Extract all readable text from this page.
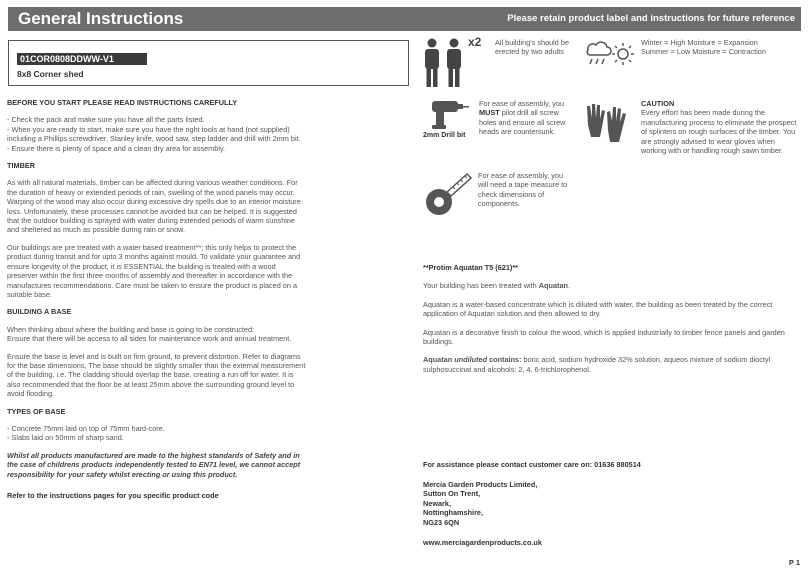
General Instructions	Please retain product label and instructions for future reference
01COR0808DDWW-V1
8x8 Corner shed

BEFORE YOU START PLEASE READ INSTRUCTIONS CAREFULLY

- Check the pack and make sure you have all the parts listed.
- When you are ready to start, make sure you have the right tools at hand (not supplied) including a Phillips screwdriver, Stanley knife, wood saw, step ladder and drill with 2mm bit.
- Ensure there is plenty of space and a clean dry area for assembly.

TIMBER

As with all natural materials, timber can be affected during various weather conditions. For the duration of heavy or extended periods of rain, swelling of the wood panels may occur. Warping of the wood may also occur during excessive dry spells due to an interior moisture loss. Unfortunately, these processes cannot be avoided but can be helped. It is suggested that the outdoor building is sprayed with water during extended periods of warm sunshine and sheltered as much as possible during rain or snow.

Our buildings are pre treated with a water based treatment**; this only helps to protect the product during transit and for upto 3 months against mould. To validate your guarantee and ensure longevity of the product, it is ESSENTIAL the building is treated with a wood preserver within the first three months of assembly and thereafter in accordance with the manufactures recommendations. Care must be taken to ensure the product is placed on a suitable base.

BUILDING A BASE

When thinking about where the building and base is going to be constructed:
Ensure that there will be access to all sides for maintenance work and annual treatment.

Ensure the base is level and is built on firm ground, to prevent distortion. Refer to diagrams for the base dimensions, The base should be slightly smaller than the external measurement of the building, i.e. The cladding should overlap the base, creating a run off for water. It is also recommended that the floor be at least 25mm above the surrounding ground level to avoid flooding.

TYPES OF BASE

- Concrete 75mm laid on top of 75mm hard-core.
- Slabs laid on 50mm of sharp sand.

Whilst all products manufactured are made to the highest standards of Safety and in the case of childrens products independently tested to EN71 level, we cannot accept responsibility for your safety whilst erecting or using this product.

Refer to the instructions pages for you specific product code

x2 All building's should be erected by two adults
Winter = High Moisture = Expansion
Summer = Low Moisture = Contraction
2mm Drill bit
For ease of assembly, you MUST pilot drill all screw holes and ensure all screw heads are countersunk.
CAUTION
Every effort has been made during the manufacturing process to eliminate the prospect of splinters on rough surfaces of the timber. You are strongly advised to wear gloves when working with or handling rough sawn timber.
For ease of assembly, you will need a tape measure to check dimensions of components.

**Protim Aquatan T5 (621)**

Your building has been treated with Aquatan.

Aquatan is a water-based concentrate which is diluted with water, the building as been treated by the correct application of Aquatan solution and then allowed to dry.

Aquatan is a decorative finish to colour the wood, which is applied industrially to timber fence panels and garden buildings.

Aquatan undiluted contains: boric acid, sodium hydroxide 32% solution, aqueos mixture of sodium dioctyl sulphosuccinat and alcohols: 2, 4, 6-trichlorophenol.

For assistance please contact customer care on: 01636 880514
Mercia Garden Products Limited,
Sutton On Trent,
Newark,
Nottinghamshire,
NG23 6QN
www.merciagardenproducts.co.uk
P 1
